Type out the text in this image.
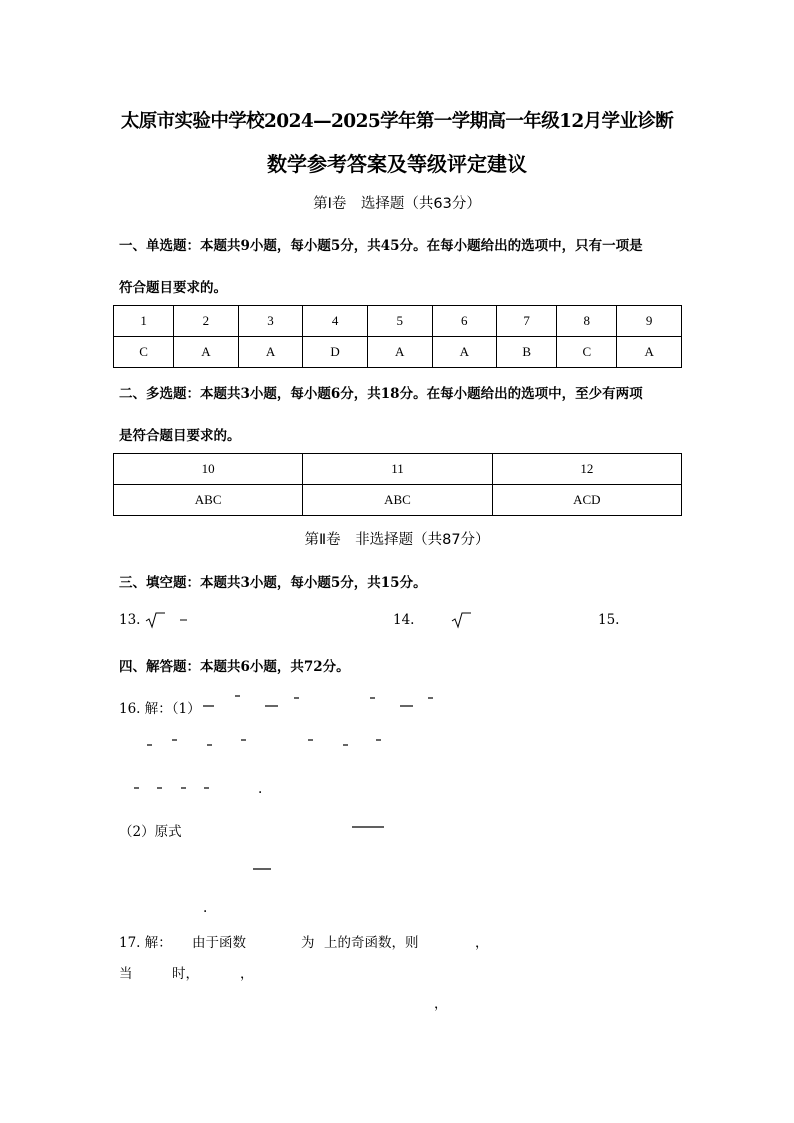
太原市实验中学校2024—2025学年第一学期高一年级12月学业诊断
数学参考答案及等级评定建议
第Ⅰ卷　选择题（共63分）
一、单选题：本题共9小题，每小题5分，共45分。在每小题给出的选项中，只有一项是
符合题目要求的。
1	2	3	4	5	6	7	8	9
C	A	A	D	A	A	B	C	A
二、多选题：本题共3小题，每小题6分，共18分。在每小题给出的选项中，至少有两项
是符合题目要求的。
10	11	12
ABC	ABC	ACD
第Ⅱ卷　非选择题（共87分）
三、填空题：本题共3小题，每小题5分，共15分。
13.	14.	15.
四、解答题：本题共6小题，共72分。
16. 解：（1）
.
（2）原式
.
17. 解： 由于函数	为 上的奇函数，则	，
当	时，	，
，
